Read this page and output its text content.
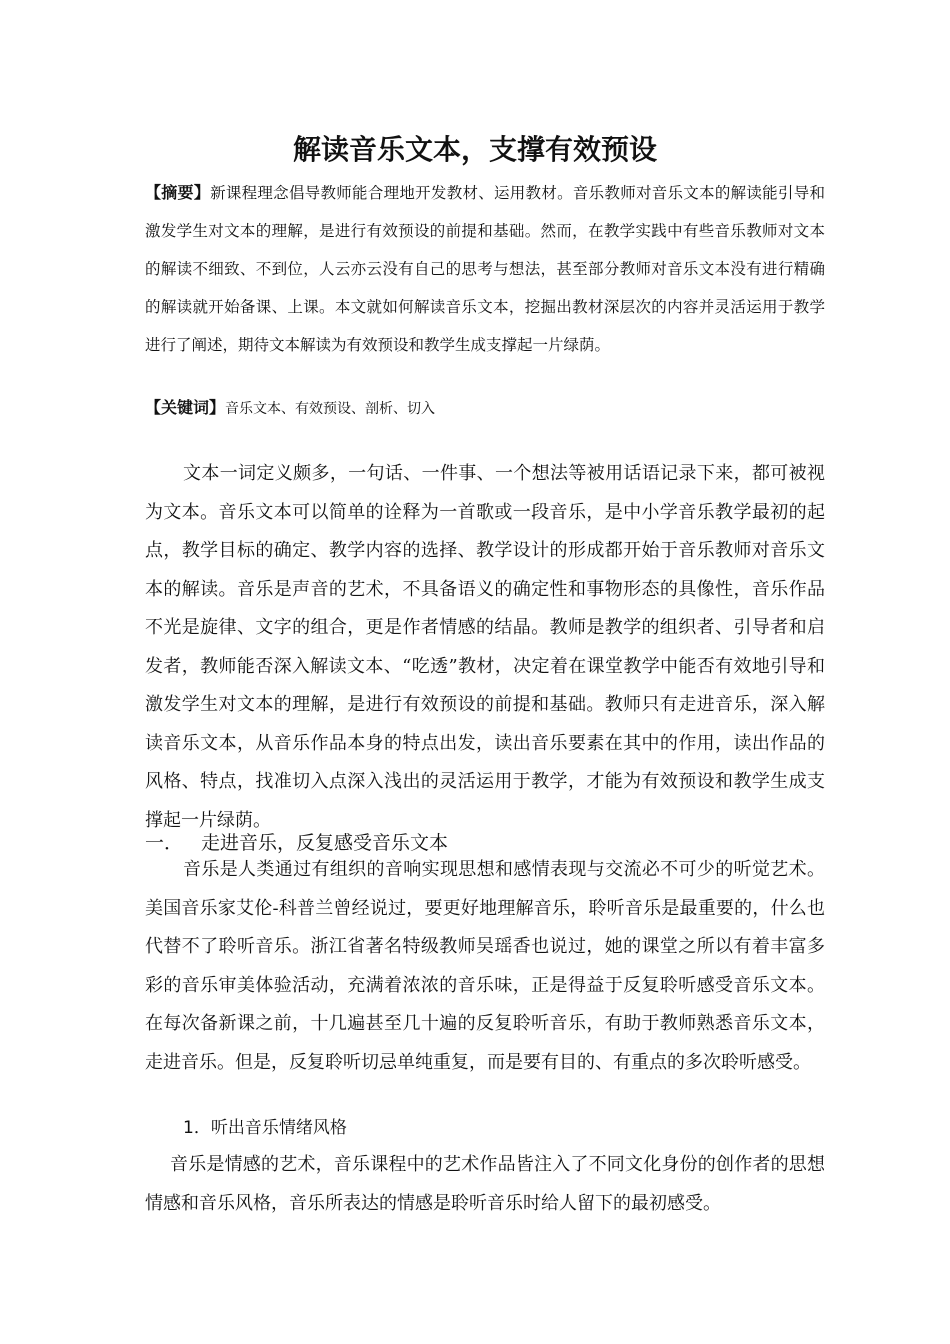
解读音乐文本，支撑有效预设
【摘要】新课程理念倡导教师能合理地开发教材、运用教材。音乐教师对音乐文本的解读能引导和激发学生对文本的理解，是进行有效预设的前提和基础。然而，在教学实践中有些音乐教师对文本的解读不细致、不到位，人云亦云没有自己的思考与想法，甚至部分教师对音乐文本没有进行精确的解读就开始备课、上课。本文就如何解读音乐文本，挖掘出教材深层次的内容并灵活运用于教学进行了阐述，期待文本解读为有效预设和教学生成支撑起一片绿荫。
【关键词】音乐文本、有效预设、剖析、切入
文本一词定义颇多，一句话、一件事、一个想法等被用话语记录下来，都可被视为文本。音乐文本可以简单的诠释为一首歌或一段音乐，是中小学音乐教学最初的起点，教学目标的确定、教学内容的选择、教学设计的形成都开始于音乐教师对音乐文本的解读。音乐是声音的艺术，不具备语义的确定性和事物形态的具像性，音乐作品不光是旋律、文字的组合，更是作者情感的结晶。教师是教学的组织者、引导者和启发者，教师能否深入解读文本、“吃透”教材，决定着在课堂教学中能否有效地引导和激发学生对文本的理解，是进行有效预设的前提和基础。教师只有走进音乐，深入解读音乐文本，从音乐作品本身的特点出发，读出音乐要素在其中的作用，读出作品的风格、特点，找准切入点深入浅出的灵活运用于教学，才能为有效预设和教学生成支撑起一片绿荫。
一． 走进音乐，反复感受音乐文本
音乐是人类通过有组织的音响实现思想和感情表现与交流必不可少的听觉艺术。美国音乐家艾伦-科普兰曾经说过，要更好地理解音乐，聆听音乐是最重要的，什么也代替不了聆听音乐。浙江省著名特级教师吴瑶香也说过，她的课堂之所以有着丰富多彩的音乐审美体验活动，充满着浓浓的音乐味，正是得益于反复聆听感受音乐文本。在每次备新课之前，十几遍甚至几十遍的反复聆听音乐，有助于教师熟悉音乐文本，走进音乐。但是，反复聆听切忌单纯重复，而是要有目的、有重点的多次聆听感受。
1．听出音乐情绪风格
音乐是情感的艺术，音乐课程中的艺术作品皆注入了不同文化身份的创作者的思想情感和音乐风格，音乐所表达的情感是聆听音乐时给人留下的最初感受。
